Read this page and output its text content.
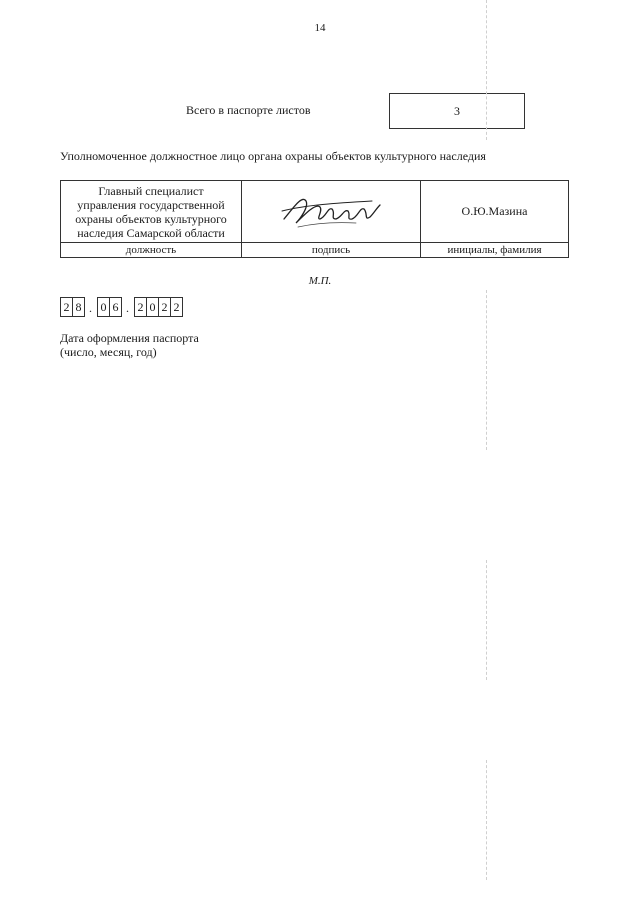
14
Всего в паспорте листов	3
Уполномоченное должностное лицо органа охраны объектов культурного наследия
Главный специалист
управления государственной
охраны объектов культурного
наследия Самарской области		О.Ю.Мазина
должность	подпись	инициалы, фамилия
М.П.
2 8 . 0 6 . 2 0 2 2
Дата оформления паспорта
(число, месяц, год)
